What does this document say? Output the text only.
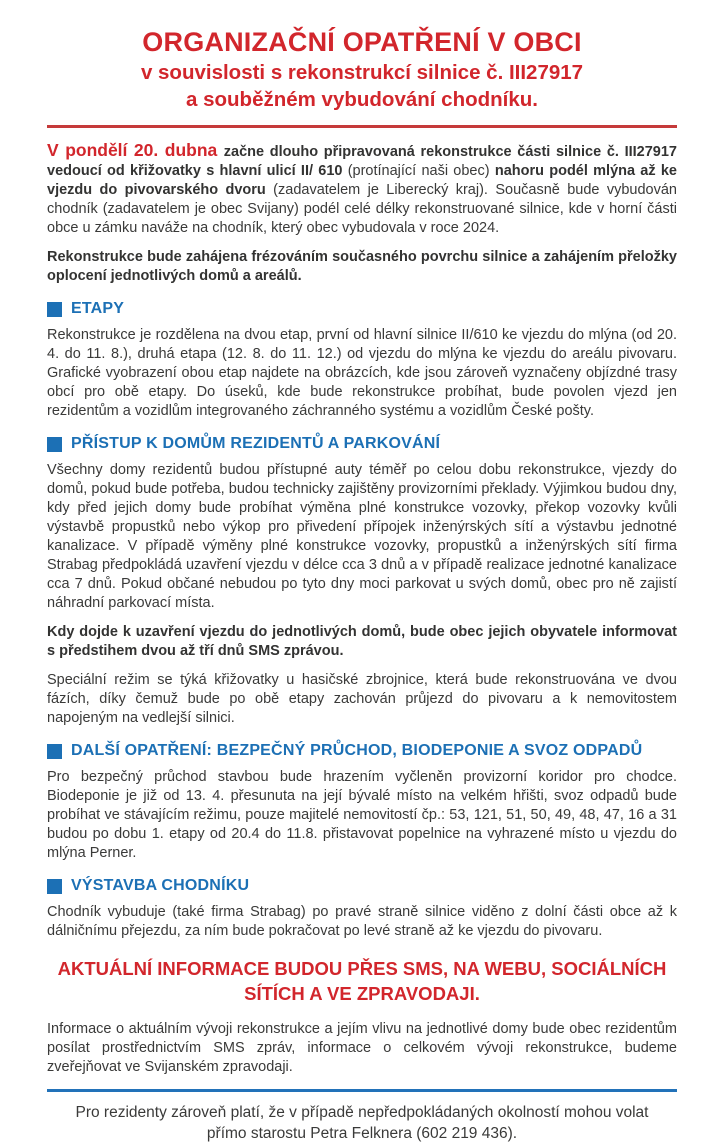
ORGANIZAČNÍ OPATŘENÍ V OBCI
v souvislosti s rekonstrukcí silnice č. III27917
a souběžném vybudování chodníku.

V pondělí 20. dubna začne dlouho připravovaná rekonstrukce části silnice č. III27917 vedoucí od křižovatky s hlavní ulicí II/ 610 (protínající naši obec) nahoru podél mlýna až ke vjezdu do pivovarského dvoru (zadavatelem je Liberecký kraj). Současně bude vybudován chodník (zadavatelem je obec Svijany) podél celé délky rekonstruované silnice, kde v horní části obce u zámku naváže na chodník, který obec vybudovala v roce 2024.

Rekonstrukce bude zahájena frézováním současného povrchu silnice a zahájením přeložky oplocení jednotlivých domů a areálů.

ETAPY

Rekonstrukce je rozdělena na dvou etap, první od hlavní silnice II/610 ke vjezdu do mlýna (od 20. 4. do 11. 8.), druhá etapa (12. 8. do 11. 12.) od vjezdu do mlýna ke vjezdu do areálu pivovaru. Grafické vyobrazení obou etap najdete na obrázcích, kde jsou zároveň vyznačeny objízdné trasy obcí pro obě etapy. Do úseků, kde bude rekonstrukce probíhat, bude povolen vjezd jen rezidentům a vozidlům integrovaného záchranného systému a vozidlům České pošty.

PŘÍSTUP K DOMŮM REZIDENTŮ A PARKOVÁNÍ

Všechny domy rezidentů budou přístupné auty téměř po celou dobu rekonstrukce, vjezdy do domů, pokud bude potřeba, budou technicky zajištěny provizorními překlady. Výjimkou budou dny, kdy před jejich domy bude probíhat výměna plné konstrukce vozovky, překop vozovky kvůli výstavbě propustků nebo výkop pro přivedení přípojek inženýrských sítí a výstavbu jednotné kanalizace. V případě výměny plné konstrukce vozovky, propustků a inženýrských sítí firma Strabag předpokládá uzavření vjezdu v délce cca 3 dnů a v případě realizace jednotné kanalizace cca 7 dnů. Pokud občané nebudou po tyto dny moci parkovat u svých domů, obec pro ně zajistí náhradní parkovací místa.

Kdy dojde k uzavření vjezdu do jednotlivých domů, bude obec jejich obyvatele informovat s předstihem dvou až tří dnů SMS zprávou.

Speciální režim se týká křižovatky u hasičské zbrojnice, která bude rekonstruována ve dvou fázích, díky čemuž bude po obě etapy zachován průjezd do pivovaru a k nemovitostem napojeným na vedlejší silnici.

DALŠÍ OPATŘENÍ: BEZPEČNÝ PRŮCHOD, BIODEPONIE A SVOZ ODPADŮ

Pro bezpečný průchod stavbou bude hrazením vyčleněn provizorní koridor pro chodce. Biodeponie je již od 13. 4. přesunuta na její bývalé místo na velkém hřišti, svoz odpadů bude probíhat ve stávajícím režimu, pouze majitelé nemovitostí čp.: 53, 121, 51, 50, 49, 48, 47, 16 a 31 budou po dobu 1. etapy od 20.4 do 11.8. přistavovat popelnice na vyhrazené místo u vjezdu do mlýna Perner.

VÝSTAVBA CHODNÍKU

Chodník vybuduje (také firma Strabag) po pravé straně silnice viděno z dolní části obce až k dálničnímu přejezdu, za ním bude pokračovat po levé straně až ke vjezdu do pivovaru.

AKTUÁLNÍ INFORMACE BUDOU PŘES SMS, NA WEBU, SOCIÁLNÍCH SÍTÍCH A VE ZPRAVODAJI.

Informace o aktuálním vývoji rekonstrukce a jejím vlivu na jednotlivé domy bude obec rezidentům posílat prostřednictvím SMS zpráv, informace o celkovém vývoji rekonstrukce, budeme zveřejňovat ve Svijanském zpravodaji.

Pro rezidenty zároveň platí, že v případě nepředpokládaných okolností mohou volat
přímo starostu Petra Felknera (602 219 436).
